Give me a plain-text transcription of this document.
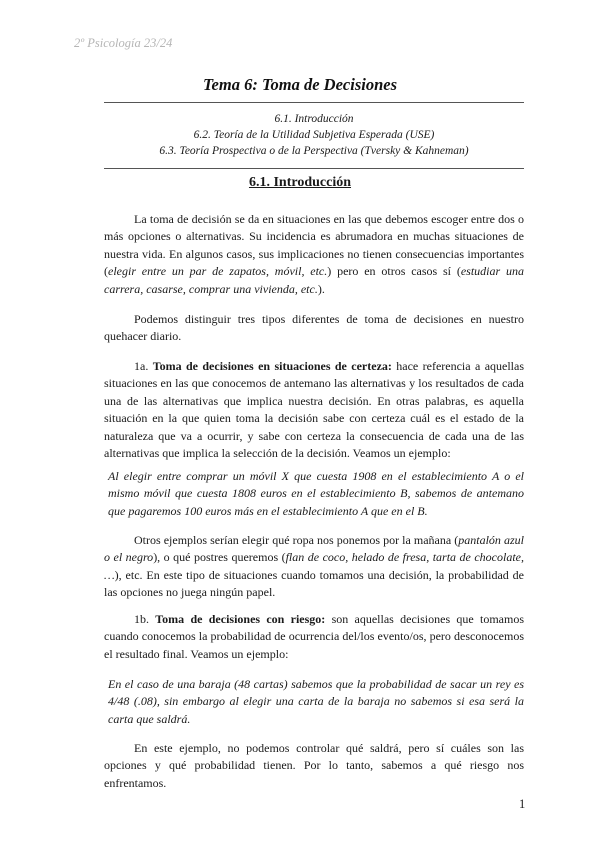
2º Psicología 23/24
Tema 6: Toma de Decisiones
6.1. Introducción
6.2. Teoría de la Utilidad Subjetiva Esperada (USE)
6.3. Teoría Prospectiva o de la Perspectiva (Tversky & Kahneman)
6.1. Introducción

La toma de decisión se da en situaciones en las que debemos escoger entre dos o más opciones o alternativas. Su incidencia es abrumadora en muchas situaciones de nuestra vida. En algunos casos, sus implicaciones no tienen consecuencias importantes (elegir entre un par de zapatos, móvil, etc.) pero en otros casos sí (estudiar una carrera, casarse, comprar una vivienda, etc.).

Podemos distinguir tres tipos diferentes de toma de decisiones en nuestro quehacer diario.

1a. Toma de decisiones en situaciones de certeza: hace referencia a aquellas situaciones en las que conocemos de antemano las alternativas y los resultados de cada una de las alternativas que implica nuestra decisión. En otras palabras, es aquella situación en la que quien toma la decisión sabe con certeza cuál es el estado de la naturaleza que va a ocurrir, y sabe con certeza la consecuencia de cada una de las alternativas que implica la selección de la decisión. Veamos un ejemplo:

Al elegir entre comprar un móvil X que cuesta 1908 en el establecimiento A o el mismo móvil que cuesta 1808 euros en el establecimiento B, sabemos de antemano que pagaremos 100 euros más en el establecimiento A que en el B.

Otros ejemplos serían elegir qué ropa nos ponemos por la mañana (pantalón azul o el negro), o qué postres queremos (flan de coco, helado de fresa, tarta de chocolate, …), etc. En este tipo de situaciones cuando tomamos una decisión, la probabilidad de las opciones no juega ningún papel.

1b. Toma de decisiones con riesgo: son aquellas decisiones que tomamos cuando conocemos la probabilidad de ocurrencia del/los evento/os, pero desconocemos el resultado final. Veamos un ejemplo:

En el caso de una baraja (48 cartas) sabemos que la probabilidad de sacar un rey es 4/48 (.08), sin embargo al elegir una carta de la baraja no sabemos si esa será la carta que saldrá.

En este ejemplo, no podemos controlar qué saldrá, pero sí cuáles son las opciones y qué probabilidad tienen. Por lo tanto, sabemos a qué riesgo nos enfrentamos.

1
